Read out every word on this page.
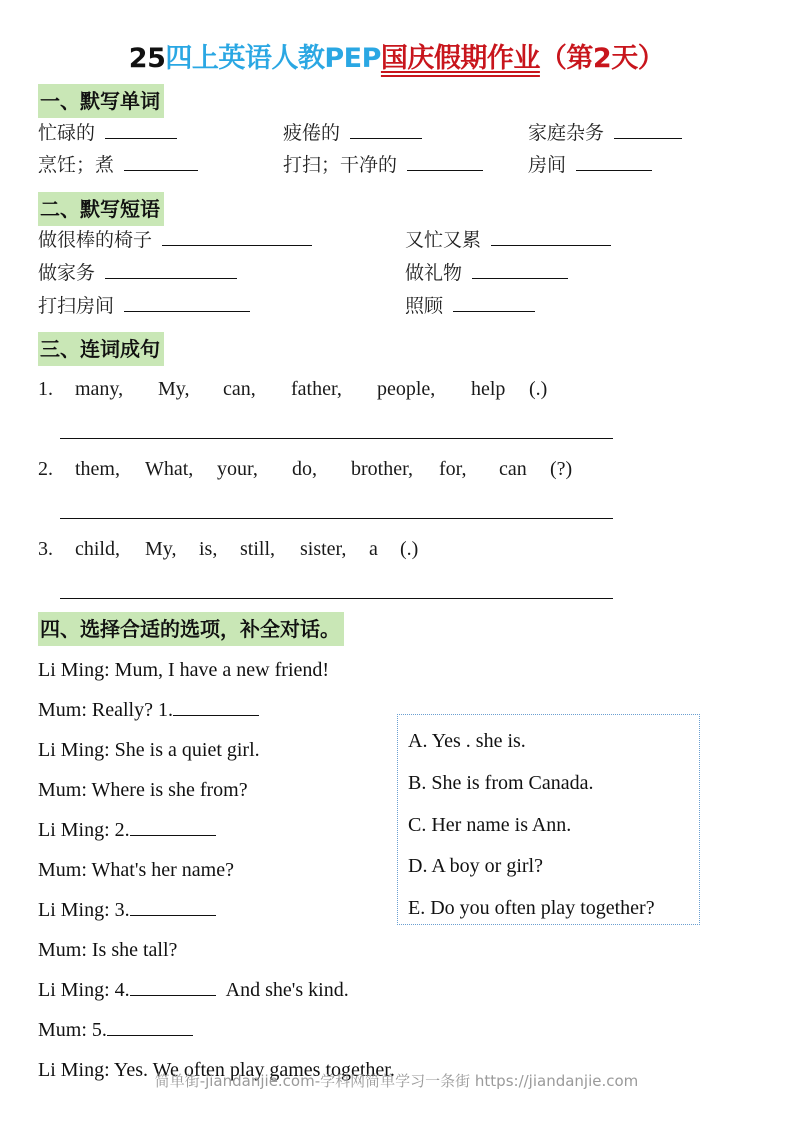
25四上英语人教PEP国庆假期作业（第2天）
一、默写单词
忙碌的	疲倦的	家庭杂务
烹饪；煮	打扫；干净的	房间
二、默写短语
做很棒的椅子	又忙又累
做家务	做礼物
打扫房间	照顾
三、连词成句
1. many, My, can, father, people, help (.)
2. them, What, your, do, brother, for, can (?)
3. child, My, is, still, sister, a (.)
四、选择合适的选项，补全对话。
Li Ming: Mum, I have a new friend!
Mum: Really? 1.
Li Ming: She is a quiet girl.
Mum: Where is she from?
Li Ming: 2.
Mum: What's her name?
Li Ming: 3.
Mum: Is she tall?
Li Ming: 4.	And she's kind.
Mum: 5.
Li Ming: Yes. We often play games together.
A. Yes . she is.
B. She is from Canada.
C. Her name is Ann.
D. A boy or girl?
E. Do you often play together?
简单街-jiandanjie.com-学科网简单学习一条街 https://jiandanjie.com
